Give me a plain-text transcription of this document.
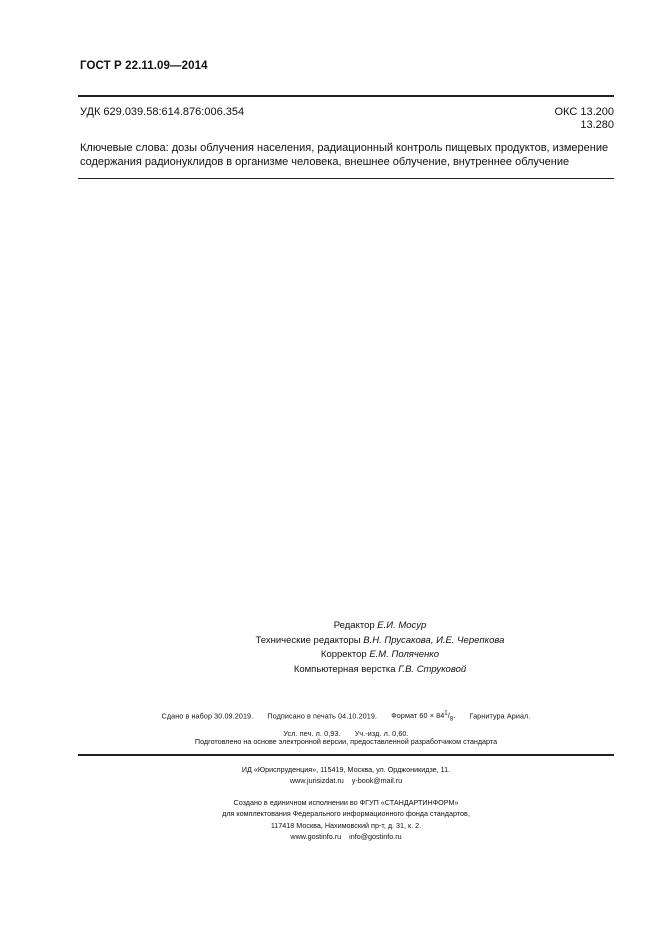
ГОСТ Р 22.11.09—2014
УДК 629.039.58:614.876:006.354	ОКС 13.200
13.280
Ключевые слова: дозы облучения населения, радиационный контроль пищевых продуктов, измерение содержания радионуклидов в организме человека, внешнее облучение, внутреннее облучение
Редактор Е.И. Мосур
Технические редакторы В.Н. Прусакова, И.Е. Черепкова
Корректор Е.М. Поляченко
Компьютерная верстка Г.В. Струковой
Сдано в набор 30.09.2019. Подписано в печать 04.10.2019. Формат $60 \times 84^1/_8$. Гарнитура Ариал.
Усл. печ. л. 0,93. Уч.-изд. л. 0,60.
Подготовлено на основе электронной версии, предоставленной разработчиком стандарта
ИД «Юриспруденция», 115419, Москва, ул. Орджоникидзе, 11.
www.jurisizdat.ru y-book@mail.ru
Создано в единичном исполнении во ФГУП «СТАНДАРТИНФОРМ»
для комплектования Федерального информационного фонда стандартов,
117418 Москва, Нахимовский пр-т, д. 31, к. 2.
www.gostinfo.ru info@gostinfo.ru
